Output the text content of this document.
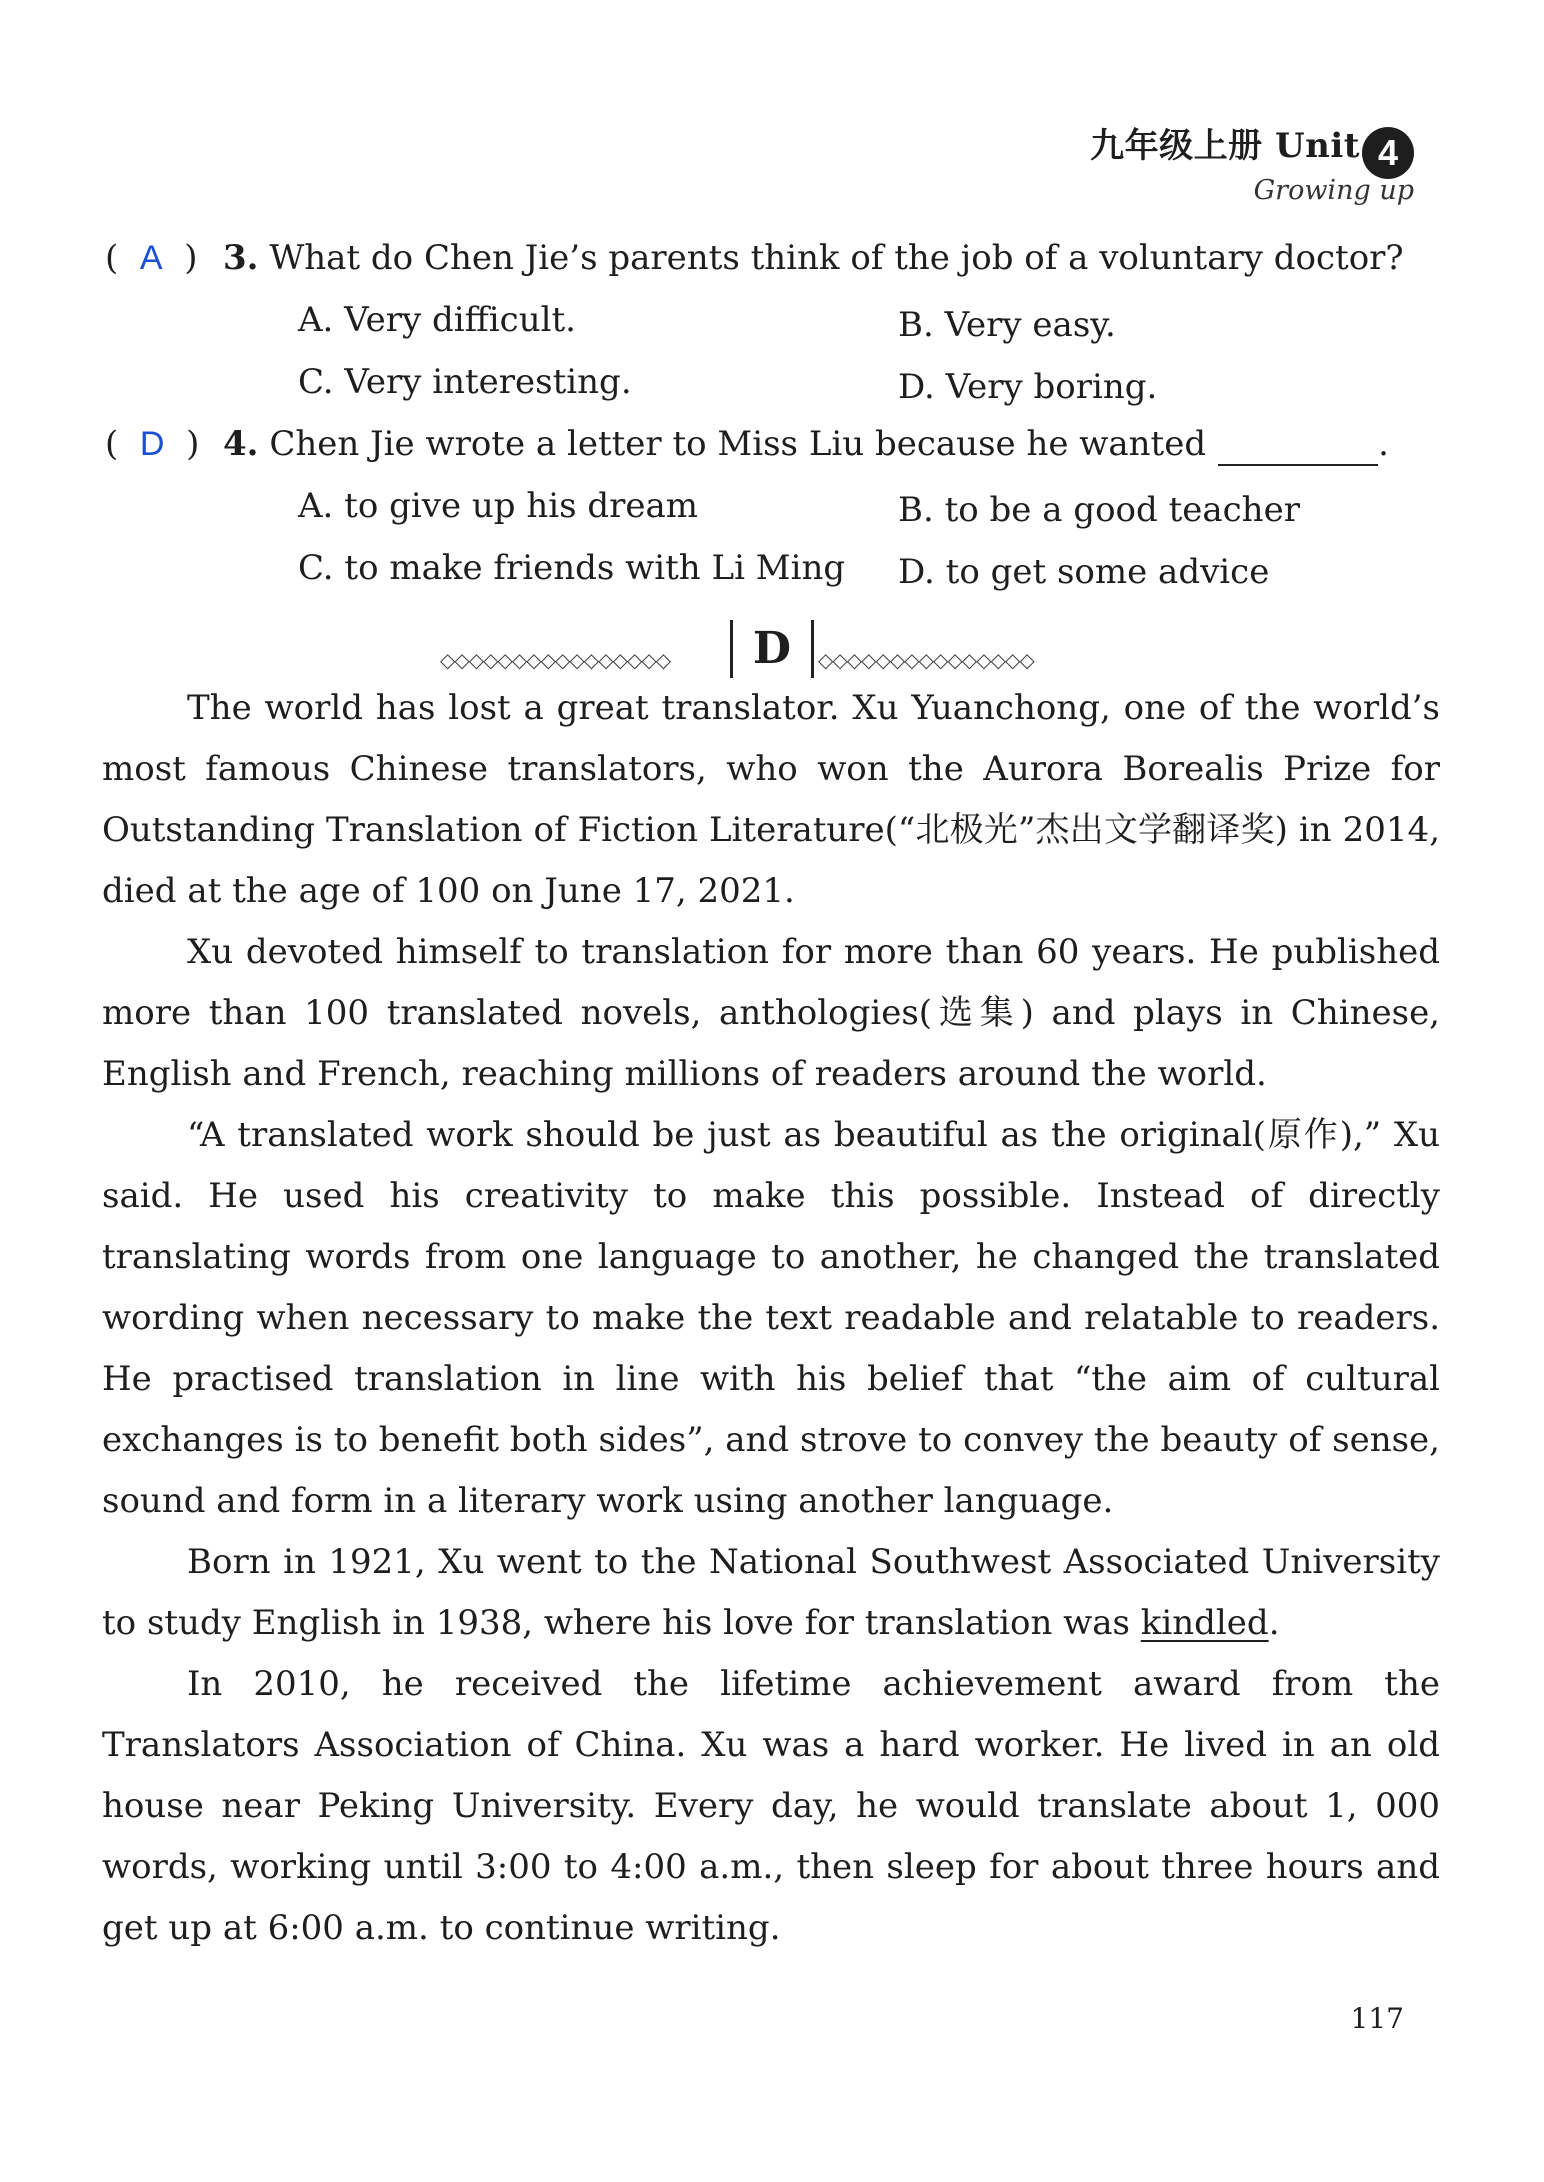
九年级上册 Unit 4
Growing up
(  A  ) 3. What do Chen Jie’s parents think of the job of a voluntary doctor?
A. Very difficult.	B. Very easy.
C. Very interesting.	D. Very boring.
(  D  ) 4. Chen Jie wrote a letter to Miss Liu because he wanted	.
A. to give up his dream	B. to be a good teacher
C. to make friends with Li Ming D. to get some advice
◇◇◇◇◇◇◇◇◇◇◇◇◇◇◇◇	D	◇◇◇◇◇◇◇◇◇◇◇◇◇◇◇

The world has lost a great translator. Xu Yuanchong, one of the world’s most famous Chinese translators, who won the Aurora Borealis Prize for Outstanding Translation of Fiction Literature(“北极光”杰出文学翻译奖) in 2014, died at the age of 100 on June 17, 2021.

Xu devoted himself to translation for more than 60 years. He published more than 100 translated novels, anthologies(选集) and plays in Chinese, English and French, reaching millions of readers around the world.

“A translated work should be just as beautiful as the original(原作),” Xu said. He used his creativity to make this possible. Instead of directly translating words from one language to another, he changed the translated wording when necessary to make the text readable and relatable to readers. He practised translation in line with his belief that “the aim of cultural exchanges is to benefit both sides”, and strove to convey the beauty of sense, sound and form in a literary work using another language.

Born in 1921, Xu went to the National Southwest Associated University to study English in 1938, where his love for translation was kindled.

In 2010, he received the lifetime achievement award from the Translators Association of China. Xu was a hard worker. He lived in an old house near Peking University. Every day, he would translate about 1, 000 words, working until 3:00 to 4:00 a.m., then sleep for about three hours and get up at 6:00 a.m. to continue writing.

117
